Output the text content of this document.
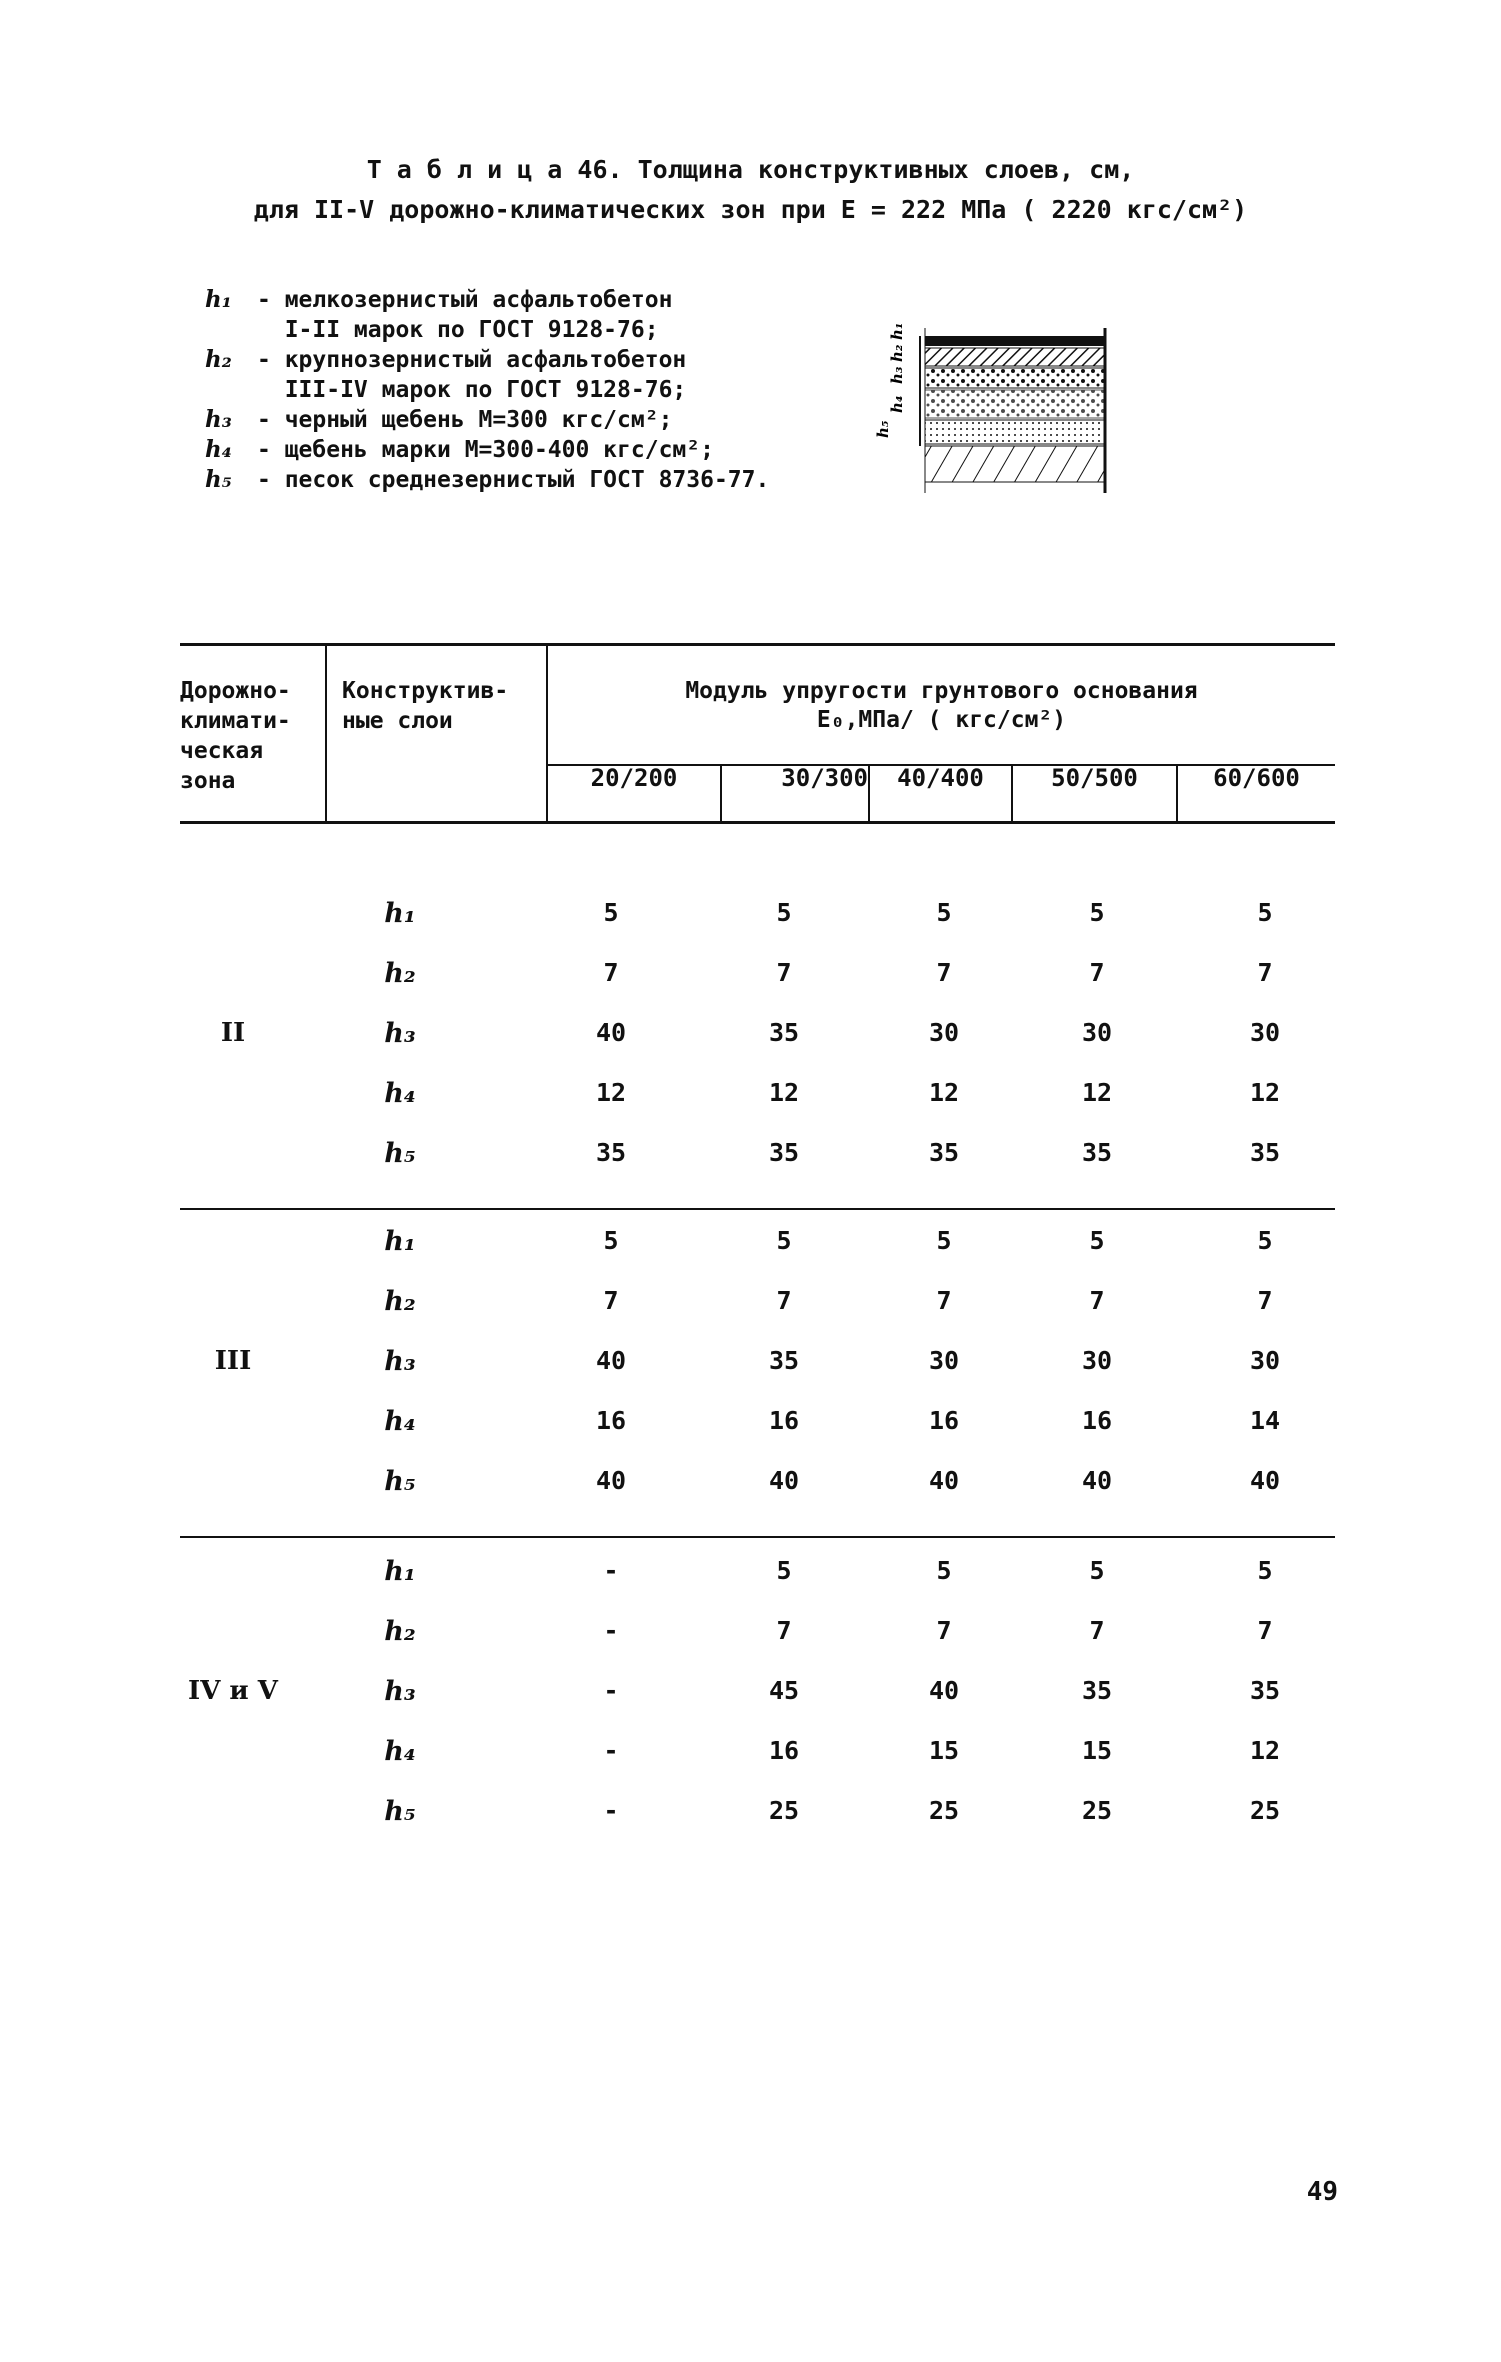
Т а б л и ц а 46. Толщина конструктивных слоев, см,
для II-V дорожно-климатических зон при E = 222 МПа ( 2220 кгс/см²)
h₁ - мелкозернистый асфальтобетон
I-II марок по ГОСТ 9128-76;
h₂ - крупнозернистый асфальтобетон
III-IV марок по ГОСТ 9128-76;
h₃ - черный щебень М=300 кгс/см²;
h₄ - щебень марки М=300-400 кгс/см²;
h₅ - песок среднезернистый ГОСТ 8736-77.
h₅
h₄
h₃
h₂
h₁
Дорожно-
климати-
ческая
зона
Конструктив-
ные слои
Модуль упругости грунтового основания
E₀,МПа/ ( кгс/см²)
20/200	30/300	40/400	50/500	60/600
II
h₁	5	5	5	5	5
h₂	7	7	7	7	7
h₃	40	35	30	30	30
h₄	12	12	12	12	12
h₅	35	35	35	35	35
III
h₁	5	5	5	5	5
h₂	7	7	7	7	7
h₃	40	35	30	30	30
h₄	16	16	16	16	14
h₅	40	40	40	40	40
IV и V
h₁	-	5	5	5	5
h₂	-	7	7	7	7
h₃	-	45	40	35	35
h₄	-	16	15	15	12
h₅	-	25	25	25	25
49
